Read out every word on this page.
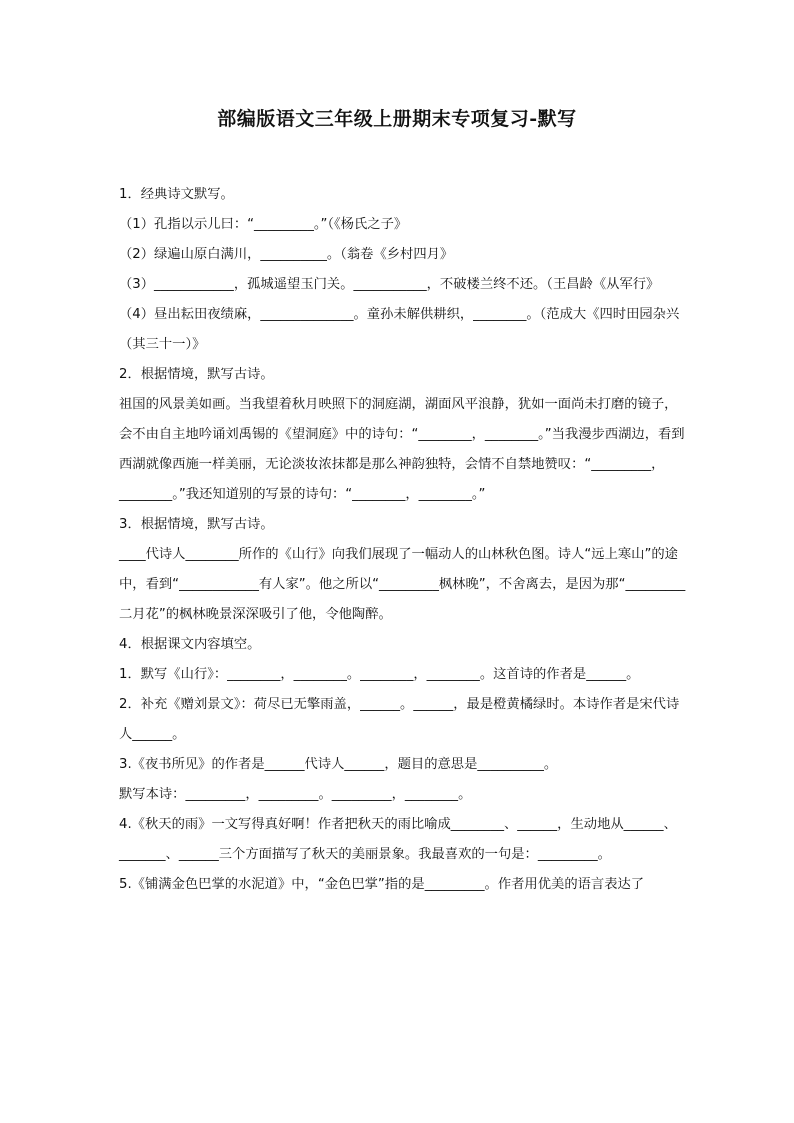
部编版语文三年级上册期末专项复习-默写

1．经典诗文默写。

（1）孔指以示儿曰：“_________。”（《杨氏之子》

（2）绿遍山原白满川，__________。（翁卷《乡村四月》

（3）____________，孤城遥望玉门关。___________，不破楼兰终不还。（王昌龄《从军行》

（4）昼出耘田夜绩麻，______________。童孙未解供耕织，________。（范成大《四时田园杂兴（其三十一）》

2．根据情境，默写古诗。

祖国的风景美如画。当我望着秋月映照下的洞庭湖，湖面风平浪静，犹如一面尚未打磨的镜子，会不由自主地吟诵刘禹锡的《望洞庭》中的诗句：“________，________。”当我漫步西湖边，看到西湖就像西施一样美丽，无论淡妆浓抹都是那么神韵独特，会情不自禁地赞叹：“_________，________。”我还知道别的写景的诗句：“________，________。”

3．根据情境，默写古诗。

____代诗人________所作的《山行》向我们展现了一幅动人的山林秋色图。诗人“远上寒山”的途中，看到“____________有人家”。他之所以“_________枫林晚”，不舍离去，是因为那“_________二月花”的枫林晚景深深吸引了他，令他陶醉。

4．根据课文内容填空。

1．默写《山行》：________，________。________，________。这首诗的作者是______。

2．补充《赠刘景文》：荷尽已无擎雨盖，______。______，最是橙黄橘绿时。本诗作者是宋代诗人______。

3.《夜书所见》的作者是______代诗人______，题目的意思是__________。

默写本诗：_________，_________。_________，________。

4.《秋天的雨》一文写得真好啊！作者把秋天的雨比喻成________、______，生动地从______、_______、______三个方面描写了秋天的美丽景象。我最喜欢的一句是：_________。

5.《铺满金色巴掌的水泥道》中，“金色巴掌”指的是_________。作者用优美的语言表达了
